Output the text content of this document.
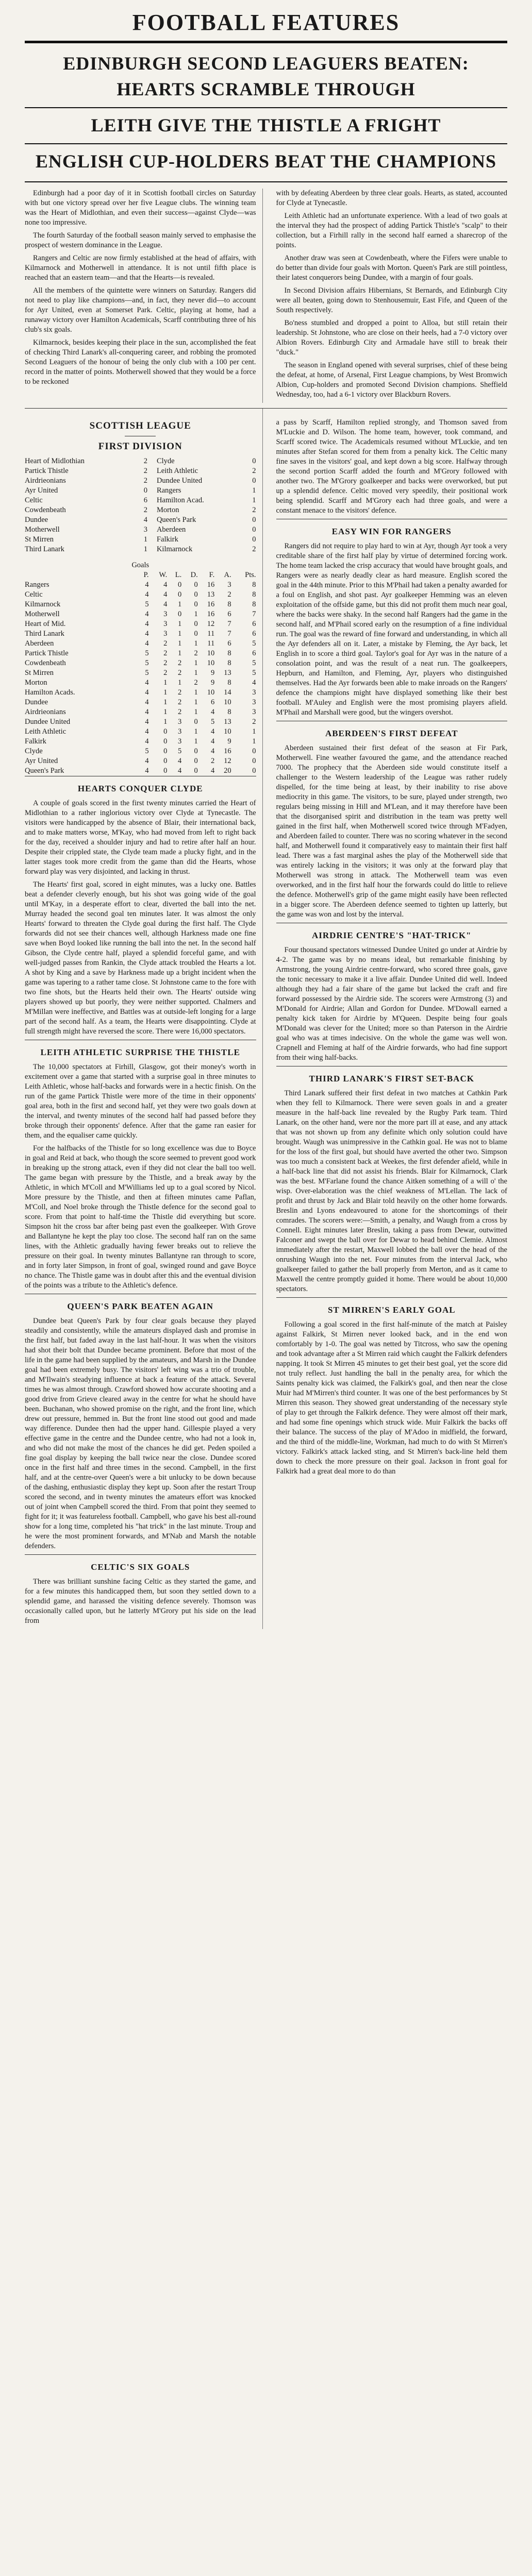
FOOTBALL FEATURES
EDINBURGH SECOND LEAGUERS BEATEN: HEARTS SCRAMBLE THROUGH
LEITH GIVE THE THISTLE A FRIGHT
ENGLISH CUP-HOLDERS BEAT THE CHAMPIONS

Edinburgh had a poor day of it in Scottish football circles on Saturday with but one victory spread over her five League clubs. The winning team was the Heart of Midlothian, and even their success—against Clyde—was none too impressive.

The fourth Saturday of the football season mainly served to emphasise the prospect of western dominance in the League.

Rangers and Celtic are now firmly established at the head of affairs, with Kilmarnock and Motherwell in attendance. It is not until fifth place is reached that an eastern team—and that the Hearts—is revealed.

All the members of the quintette were winners on Saturday. Rangers did not need to play like champions—and, in fact, they never did—to account for Ayr United, even at Somerset Park. Celtic, playing at home, had a runaway victory over Hamilton Academicals, Scarff contributing three of his club's six goals.

Kilmarnock, besides keeping their place in the sun, accomplished the feat of checking Third Lanark's all-conquering career, and robbing the promoted Second Leaguers of the honour of being the only club with a 100 per cent. record in the matter of points. Motherwell showed that they would be a force to be reckoned

with by defeating Aberdeen by three clear goals. Hearts, as stated, accounted for Clyde at Tynecastle.

Leith Athletic had an unfortunate experience. With a lead of two goals at the interval they had the prospect of adding Partick Thistle's "scalp" to their collection, but a Firhill rally in the second half earned a sharecrop of the points.

Another draw was seen at Cowdenbeath, where the Fifers were unable to do better than divide four goals with Morton. Queen's Park are still pointless, their latest conquerors being Dundee, with a margin of four goals.

In Second Division affairs Hibernians, St Bernards, and Edinburgh City were all beaten, going down to Stenhousemuir, East Fife, and Queen of the South respectively.

Bo'ness stumbled and dropped a point to Alloa, but still retain their leadership. St Johnstone, who are close on their heels, had a 7-0 victory over Albion Rovers. Edinburgh City and Armadale have still to break their "duck."

The season in England opened with several surprises, chief of these being the defeat, at home, of Arsenal, First League champions, by West Bromwich Albion, Cup-holders and promoted Second Division champions. Sheffield Wednesday, too, had a 6-1 victory over Blackburn Rovers.

SCOTTISH LEAGUE
FIRST DIVISION
Heart of Midlothian	2		Clyde	0
Partick Thistle	2		Leith Athletic	2
Airdrieonians	2		Dundee United	0
Ayr United	0		Rangers	1
Celtic	6		Hamilton Acad.	1
Cowdenbeath	2		Morton	2
Dundee	4		Queen's Park	0
Motherwell	3		Aberdeen	0
St Mirren	1		Falkirk	0
Third Lanark	1		Kilmarnock	2
Goals
	P.	W.	L.	D.	F.	A.	Pts.
Rangers	4	4	0	0	16	3	8
Celtic	4	4	0	0	13	2	8
Kilmarnock	5	4	1	0	16	8	8
Motherwell	4	3	0	1	16	6	7
Heart of Mid.	4	3	1	0	12	7	6
Third Lanark	4	3	1	0	11	7	6
Aberdeen	4	2	1	1	11	6	5
Partick Thistle	5	2	1	2	10	8	6
Cowdenbeath	5	2	2	1	10	8	5
St Mirren	5	2	2	1	9	13	5
Morton	4	1	1	2	9	8	4
Hamilton Acads.	4	1	2	1	10	14	3
Dundee	4	1	2	1	6	10	3
Airdrieonians	4	1	2	1	4	8	3
Dundee United	4	1	3	0	5	13	2
Leith Athletic	4	0	3	1	4	10	1
Falkirk	4	0	3	1	4	9	1
Clyde	5	0	5	0	4	16	0
Ayr United	4	0	4	0	2	12	0
Queen's Park	4	0	4	0	4	20	0
HEARTS CONQUER CLYDE

A couple of goals scored in the first twenty minutes carried the Heart of Midlothian to a rather inglorious victory over Clyde at Tynecastle. The visitors were handicapped by the absence of Blair, their international back, and to make matters worse, M'Kay, who had moved from left to right back for the day, received a shoulder injury and had to retire after half an hour. Despite their crippled state, the Clyde team made a plucky fight, and in the latter stages took more credit from the game than did the Hearts, whose forward play was very disjointed, and lacking in thrust.

The Hearts' first goal, scored in eight minutes, was a lucky one. Battles beat a defender cleverly enough, but his shot was going wide of the goal until M'Kay, in a desperate effort to clear, diverted the ball into the net. Murray headed the second goal ten minutes later. It was almost the only Hearts' forward to threaten the Clyde goal during the first half. The Clyde forwards did not see their chances well, although Harkness made one fine save when Boyd looked like running the ball into the net. In the second half Gibson, the Clyde centre half, played a splendid forceful game, and with well-judged passes from Rankin, the Clyde attack troubled the Hearts a lot. A shot by King and a save by Harkness made up a bright incident when the game was tapering to a rather tame close. St Johnstone came to the fore with two fine shots, but the Hearts held their own. The Hearts' outside wing players showed up but poorly, they were neither supported. Chalmers and M'Millan were ineffective, and Battles was at outside-left longing for a large part of the second half. As a team, the Hearts were disappointing. Clyde at full strength might have reversed the score. There were 16,000 spectators.

LEITH ATHLETIC SURPRISE THE THISTLE

The 10,000 spectators at Firhill, Glasgow, got their money's worth in excitement over a game that started with a surprise goal in three minutes to Leith Athletic, whose half-backs and forwards were in a hectic finish. On the run of the game Partick Thistle were more of the time in their opponents' goal area, both in the first and second half, yet they were two goals down at the interval, and twenty minutes of the second half had passed before they broke through their opponents' defence. After that the game ran easier for them, and the equaliser came quickly.

For the halfbacks of the Thistle for so long excellence was due to Boyce in goal and Reid at back, who though the score seemed to prevent good work in breaking up the strong attack, even if they did not clear the ball too well. The game began with pressure by the Thistle, and a break away by the Athletic, in which M'Coll and M'Williams led up to a goal scored by Nicol. More pressure by the Thistle, and then at fifteen minutes came Paflan, M'Coll, and Noel broke through the Thistle defence for the second goal to score. From that point to half-time the Thistle did everything but score. Simpson hit the cross bar after being past even the goalkeeper. With Grove and Ballantyne he kept the play too close. The second half ran on the same lines, with the Athletic gradually having fewer breaks out to relieve the pressure on their goal. In twenty minutes Ballantyne ran through to score, and in forty later Simpson, in front of goal, swinged round and gave Boyce no chance. The Thistle game was in doubt after this and the eventual division of the points was a tribute to the Athletic's defence.

QUEEN'S PARK BEATEN AGAIN

Dundee beat Queen's Park by four clear goals because they played steadily and consistently, while the amateurs displayed dash and promise in the first half, but faded away in the last half-hour. It was when the visitors had shot their bolt that Dundee became prominent. Before that most of the life in the game had been supplied by the amateurs, and Marsh in the Dundee goal had been extremely busy. The visitors' left wing was a trio of trouble, and M'Ilwain's steadying influence at back a feature of the attack. Several times he was almost through. Crawford showed how accurate shooting and a good drive from Grieve cleared away in the centre for what he should have been. Buchanan, who showed promise on the right, and the front line, which drew out pressure, hemmed in. But the front line stood out good and made way difference. Dundee then had the upper hand. Gillespie played a very effective game in the centre and the Dundee centre, who had not a look in, and who did not make the most of the chances he did get. Peden spoiled a fine goal display by keeping the ball twice near the close. Dundee scored once in the first half and three times in the second. Campbell, in the first half, and at the centre-over Queen's were a bit unlucky to be down because of the dashing, enthusiastic display they kept up. Soon after the restart Troup scored the second, and in twenty minutes the amateurs effort was knocked out of joint when Campbell scored the third. From that point they seemed to fight for it; it was featureless football. Campbell, who gave his best all-round show for a long time, completed his "hat trick" in the last minute. Troup and he were the most prominent forwards, and M'Nab and Marsh the notable defenders.

CELTIC'S SIX GOALS

There was brilliant sunshine facing Celtic as they started the game, and for a few minutes this handicapped them, but soon they settled down to a splendid game, and harassed the visiting defence severely. Thomson was occasionally called upon, but he latterly M'Grory put his side on the lead from

a pass by Scarff, Hamilton replied strongly, and Thomson saved from M'Luckie and D. Wilson. The home team, however, took command, and Scarff scored twice. The Academicals resumed without M'Luckie, and ten minutes after Stefan scored for them from a penalty kick. The Celtic many fine saves in the visitors' goal, and kept down a big score. Halfway through the second portion Scarff added the fourth and M'Grory followed with another two. The M'Grory goalkeeper and backs were overworked, but put up a splendid defence. Celtic moved very speedily, their positional work being splendid. Scarff and M'Grory each had three goals, and were a constant menace to the visitors' defence.

EASY WIN FOR RANGERS

Rangers did not require to play hard to win at Ayr, though Ayr took a very creditable share of the first half play by virtue of determined forcing work. The home team lacked the crisp accuracy that would have brought goals, and Rangers were as nearly deadly clear as hard measure. English scored the goal in the 44th minute. Prior to this M'Phail had taken a penalty awarded for a foul on English, and shot past. Ayr goalkeeper Hemming was an eleven exploitation of the offside game, but this did not profit them much near goal, where the backs were shaky. In the second half Rangers had the game in the second half, and M'Phail scored early on the resumption of a fine individual run. The goal was the reward of fine forward and understanding, in which all the Ayr defenders all on it. Later, a mistake by Fleming, the Ayr back, let English in to score a third goal. Taylor's goal for Ayr was in the nature of a consolation point, and was the result of a neat run. The goalkeepers, Hepburn, and Hamilton, and Fleming, Ayr, players who distinguished themselves. Had the Ayr forwards been able to make inroads on the Rangers' defence the champions might have displayed something like their best football. M'Auley and English were the most promising players afield. M'Phail and Marshall were good, but the wingers overshot.

ABERDEEN'S FIRST DEFEAT

Aberdeen sustained their first defeat of the season at Fir Park, Motherwell. Fine weather favoured the game, and the attendance reached 7000. The prophecy that the Aberdeen side would constitute itself a challenger to the Western leadership of the League was rather rudely dispelled, for the time being at least, by their inability to rise above mediocrity in this game. The visitors, to be sure, played under strength, two regulars being missing in Hill and M'Lean, and it may therefore have been that the disorganised spirit and distribution in the team was pretty well gained in the first half, when Motherwell scored twice through M'Fadyen, and Aberdeen failed to counter. There was no scoring whatever in the second half, and Motherwell found it comparatively easy to maintain their first half lead. There was a fast marginal ashes the play of the Motherwell side that was entirely lacking in the visitors; it was only at the forward play that Motherwell was strong in attack. The Motherwell team was even overworked, and in the first half hour the forwards could do little to relieve the defence. Motherwell's grip of the game might easily have been reflected in a bigger score. The Aberdeen defence seemed to tighten up latterly, but the game was won and lost by the interval.

AIRDRIE CENTRE'S "HAT-TRICK"

Four thousand spectators witnessed Dundee United go under at Airdrie by 4-2. The game was by no means ideal, but remarkable finishing by Armstrong, the young Airdrie centre-forward, who scored three goals, gave the tonic necessary to make it a live affair. Dundee United did well. Indeed although they had a fair share of the game but lacked the craft and fire forward possessed by the Airdrie side. The scorers were Armstrong (3) and M'Donald for Airdrie; Allan and Gordon for Dundee. M'Dowall earned a penalty kick taken for Airdrie by M'Queen. Despite being four goals M'Donald was clever for the United; more so than Paterson in the Airdrie goal who was at times indecisive. On the whole the game was well won. Crapnell and Fleming at half of the Airdrie forwards, who had fine support from their wing half-backs.

THIRD LANARK'S FIRST SET-BACK

Third Lanark suffered their first defeat in two matches at Cathkin Park when they fell to Kilmarnock. There were seven goals in and a greater measure in the half-back line revealed by the Rugby Park team. Third Lanark, on the other hand, were nor the more part ill at ease, and any attack that was not shown up from any definite which only solution could have brought. Waugh was unimpressive in the Cathkin goal. He was not to blame for the loss of the first goal, but should have averted the other two. Simpson was too much a consistent back at Weekes, the first defender afield, while in a half-back line that did not assist his friends. Blair for Kilmarnock, Clark was the best. M'Farlane found the chance Aitken something of a will o' the wisp. Over-elaboration was the chief weakness of M'Lellan. The lack of profit and thrust by Jack and Blair told heavily on the other home forwards. Breslin and Lyons endeavoured to atone for the shortcomings of their comrades. The scorers were:—Smith, a penalty, and Waugh from a cross by Connell. Eight minutes later Breslin, taking a pass from Dewar, outwitted Falconer and swept the ball over for Dewar to head behind Clemie. Almost immediately after the restart, Maxwell lobbed the ball over the head of the onrushing Waugh into the net. Four minutes from the interval Jack, who goalkeeper failed to gather the ball properly from Merton, and as it came to Maxwell the centre promptly guided it home. There would be about 10,000 spectators.

ST MIRREN'S EARLY GOAL

Following a goal scored in the first half-minute of the match at Paisley against Falkirk, St Mirren never looked back, and in the end won comfortably by 1-0. The goal was netted by Titcross, who saw the opening and took advantage after a St Mirren raid which caught the Falkirk defenders napping. It took St Mirren 45 minutes to get their best goal, yet the score did not truly reflect. Just handling the ball in the penalty area, for which the Saints penalty kick was claimed, the Falkirk's goal, and then near the close Muir had M'Mirren's third counter. It was one of the best performances by St Mirren this season. They showed great understanding of the necessary style of play to get through the Falkirk defence. They were almost off their mark, and had some fine openings which struck wide. Muir Falkirk the backs off their balance. The success of the play of M'Adoo in midfield, the forward, and the third of the middle-line, Workman, had much to do with St Mirren's victory. Falkirk's attack lacked sting, and St Mirren's back-line held them down to check the more pressure on their goal. Jackson in front goal for Falkirk had a great deal more to do than
